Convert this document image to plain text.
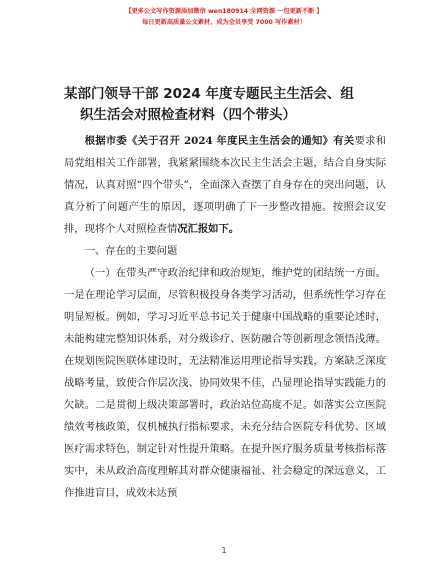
【更多公文写作资源添加微信 wen180914 全网资源 一包更新不断 】
每日更新高质量公文素材，成为会员享受 7000 写作素材！
某部门领导干部 2024 年度专题民主生活会、组
织生活会对照检查材料（四个带头）

根据市委《关于召开 2024 年度民主生活会的通知》有关要求和局党组相关工作部署，我紧紧围绕本次民主生活会主题，结合自身实际情况，认真对照“四个带头”，全面深入查摆了自身存在的突出问题，认真分析了问题产生的原因，逐项明确了下一步整改措施。按照会议安排，现将个人对照检查情况汇报如下。

一、存在的主要问题

（一）在带头严守政治纪律和政治规矩，维护党的团结统一方面。一是在理论学习层面，尽管积极投身各类学习活动，但系统性学习存在明显短板。例如，学习习近平总书记关于健康中国战略的重要论述时，未能构建完整知识体系，对分级诊疗、医防融合等创新理念领悟浅薄。在规划医院医联体建设时，无法精准运用理论指导实践，方案缺乏深度战略考量，致使合作层次浅、协同效果不佳，凸显理论指导实践能力的欠缺。二是贯彻上级决策部署时，政治站位高度不足。如落实公立医院绩效考核政策，仅机械执行指标要求，未充分结合医院专科优势、区域医疗需求特色，制定针对性提升策略。在提升医疗服务质量考核指标落实中，未从政治高度理解其对群众健康福祉、社会稳定的深远意义，工作推进盲目，成效未达预

1
